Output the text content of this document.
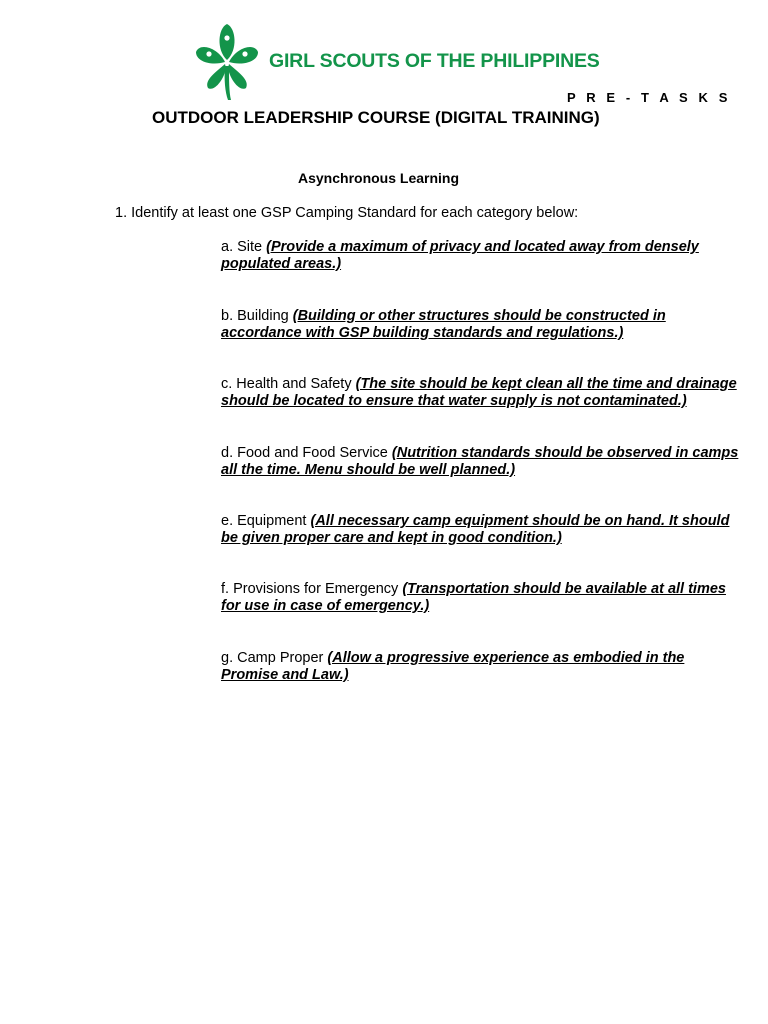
GIRL SCOUTS OF THE PHILIPPINES
P R E - T A S K S
OUTDOOR LEADERSHIP COURSE (DIGITAL TRAINING)
Asynchronous Learning
1. Identify at least one GSP Camping Standard for each category below:
a. Site (Provide a maximum of privacy and located away from densely populated areas.)
b. Building (Building or other structures should be constructed in accordance with GSP building standards and regulations.)
c. Health and Safety (The site should be kept clean all the time and drainage should be located to ensure that water supply is not contaminated.)
d. Food and Food Service (Nutrition standards should be observed in camps all the time. Menu should be well planned.)
e. Equipment (All necessary camp equipment should be on hand. It should be given proper care and kept in good condition.)
f. Provisions for Emergency (Transportation should be available at all times for use in case of emergency.)
g. Camp Proper (Allow a progressive experience as embodied in the Promise and Law.)
